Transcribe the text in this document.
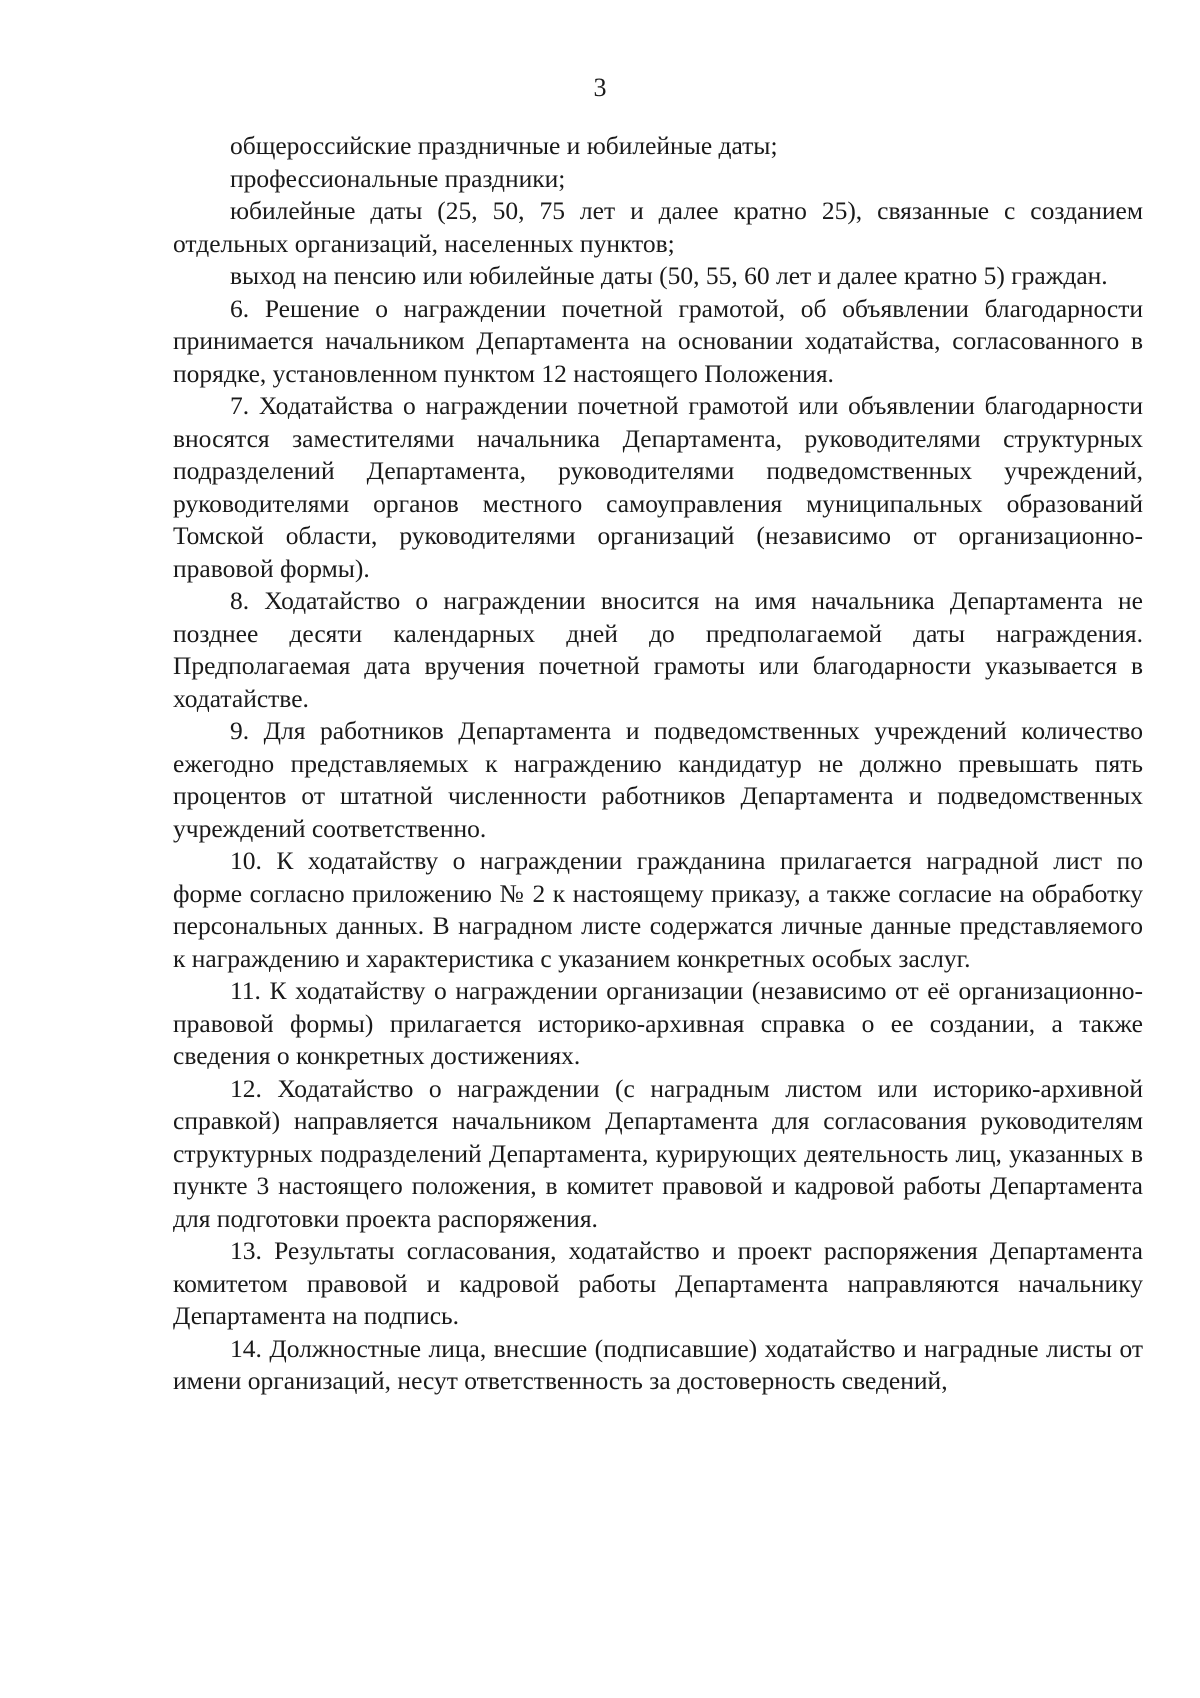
3

общероссийские праздничные и юбилейные даты;

профессиональные праздники;

юбилейные даты (25, 50, 75 лет и далее кратно 25), связанные с созданием отдельных организаций, населенных пунктов;

выход на пенсию или юбилейные даты (50, 55, 60 лет и далее кратно 5) граждан.

6. Решение о награждении почетной грамотой, об объявлении благодарности принимается начальником Департамента на основании ходатайства, согласованного в порядке, установленном пунктом 12 настоящего Положения.

7. Ходатайства о награждении почетной грамотой или объявлении благодарности вносятся заместителями начальника Департамента, руководителями структурных подразделений Департамента, руководителями подведомственных учреждений, руководителями органов местного самоуправления муниципальных образований Томской области, руководителями организаций (независимо от организационно-правовой формы).

8. Ходатайство о награждении вносится на имя начальника Департамента не позднее десяти календарных дней до предполагаемой даты награждения. Предполагаемая дата вручения почетной грамоты или благодарности указывается в ходатайстве.

9. Для работников Департамента и подведомственных учреждений количество ежегодно представляемых к награждению кандидатур не должно превышать пять процентов от штатной численности работников Департамента и подведомственных учреждений соответственно.

10. К ходатайству о награждении гражданина прилагается наградной лист по форме согласно приложению № 2 к настоящему приказу, а также согласие на обработку персональных данных. В наградном листе содержатся личные данные представляемого к награждению и характеристика с указанием конкретных особых заслуг.

11. К ходатайству о награждении организации (независимо от её организационно-правовой формы) прилагается историко-архивная справка о ее создании, а также сведения о конкретных достижениях.

12. Ходатайство о награждении (с наградным листом или историко-архивной справкой) направляется начальником Департамента для согласования руководителям структурных подразделений Департамента, курирующих деятельность лиц, указанных в пункте 3 настоящего положения, в комитет правовой и кадровой работы Департамента для подготовки проекта распоряжения.

13. Результаты согласования, ходатайство и проект распоряжения Департамента комитетом правовой и кадровой работы Департамента направляются начальнику Департамента на подпись.

14. Должностные лица, внесшие (подписавшие) ходатайство и наградные листы от имени организаций, несут ответственность за достоверность сведений,
